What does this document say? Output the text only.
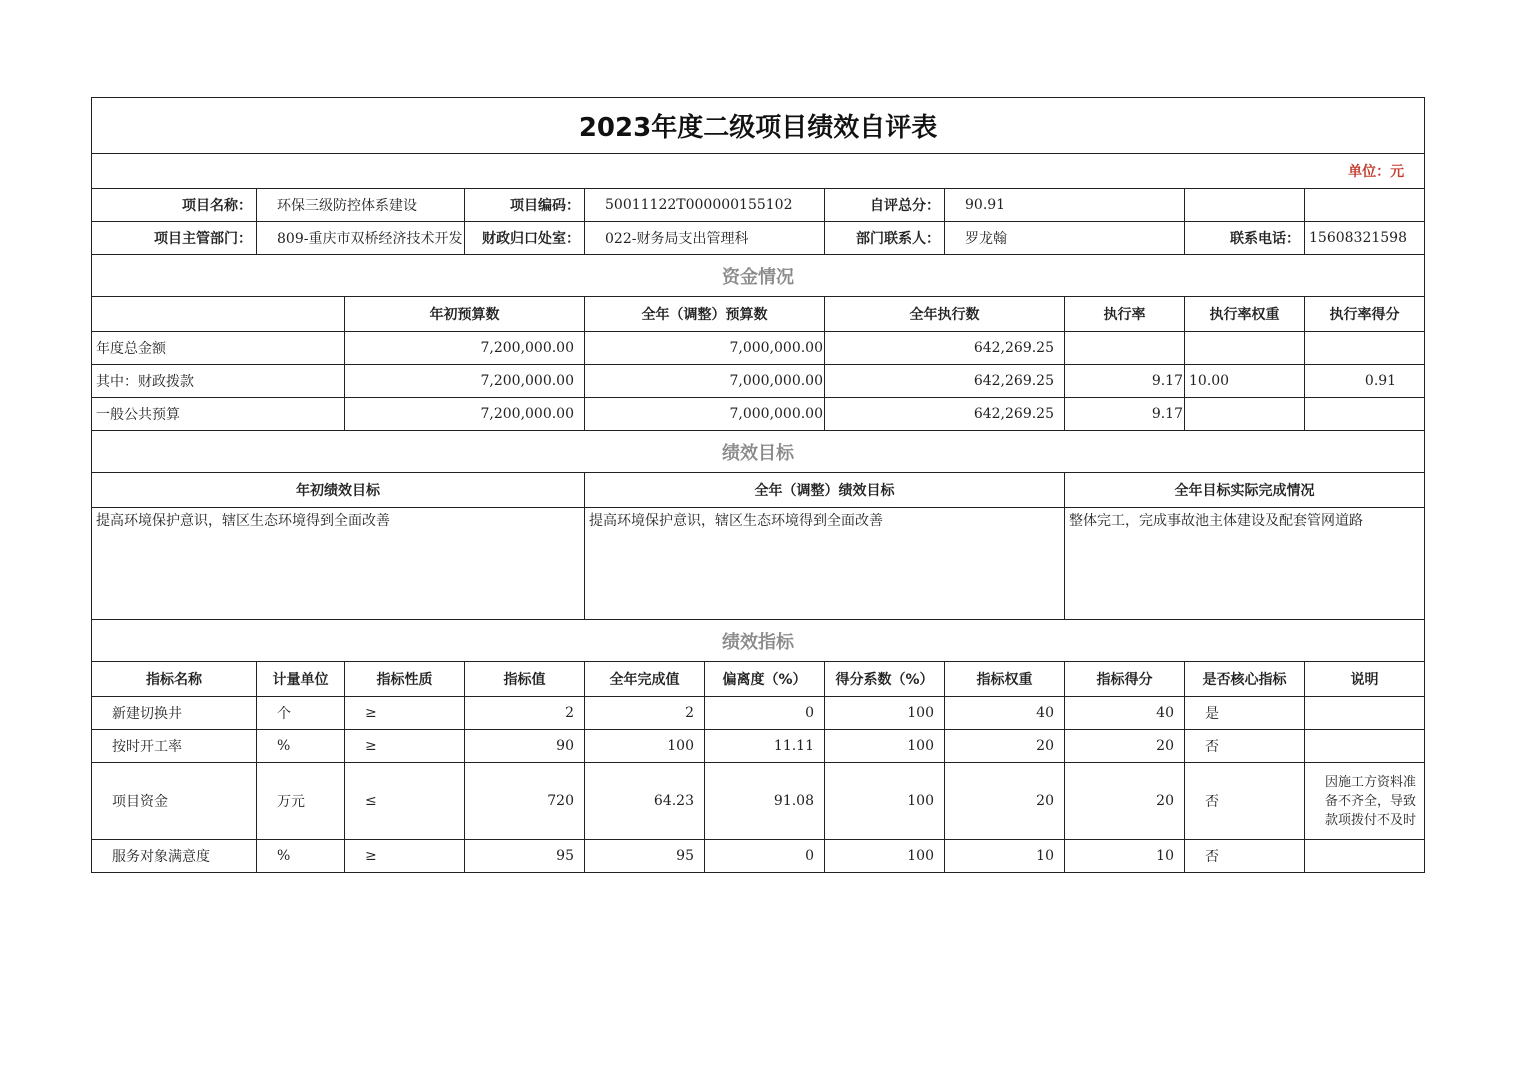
2023年度二级项目绩效自评表										
单位：元										
项目名称：	环保三级防控体系建设		项目编码：	50011122T000000155102		自评总分：	90.91			
项目主管部门：	809-重庆市双桥经济技术开发		财政归口处室：	022-财务局支出管理科		部门联系人：	罗龙翰		联系电话：	15608321598
资金情况										
		年初预算数		全年（调整）预算数		全年执行数		执行率	执行率权重	执行率得分
年度总金额		7,200,000.00		7,000,000.00		642,269.25				
其中：财政拨款		7,200,000.00		7,000,000.00		642,269.25		9.17	10.00	0.91
一般公共预算		7,200,000.00		7,000,000.00		642,269.25		9.17		
绩效目标										
年初绩效目标				全年（调整）绩效目标				全年目标实际完成情况		
提高环境保护意识，辖区生态环境得到全面改善				提高环境保护意识，辖区生态环境得到全面改善				整体完工，完成事故池主体建设及配套管网道路		
绩效指标										
指标名称	计量单位	指标性质	指标值	全年完成值	偏离度（%）	得分系数（%）	指标权重	指标得分	是否核心指标	说明
新建切换井	个	≥	2	2	0	100	40	40	是	
按时开工率	%	≥	90	100	11.11	100	20	20	否	
项目资金	万元	≤	720	64.23	91.08	100	20	20	否	因施工方资料准备不齐全，导致款项拨付不及时
服务对象满意度	%	≥	95	95	0	100	10	10	否	
